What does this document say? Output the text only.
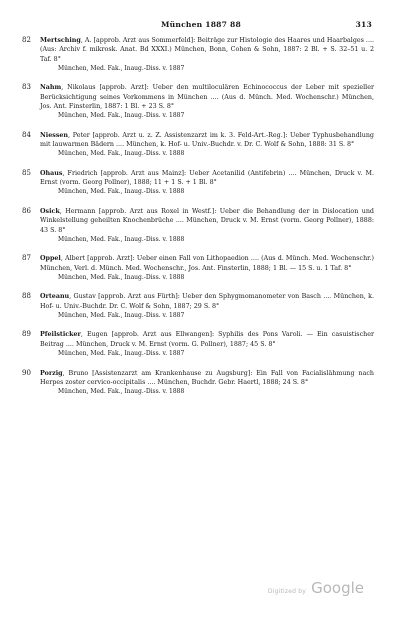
München 1887 88	313
82	Mertsching, A. [approb. Arzt aus Sommerfeld]: Beiträge zur Histologie des Haares und Haarbalges .... (Aus: Archiv f. mikrosk. Anat. Bd XXXI.) München, Bonn, Cohen & Sohn, 1887: 2 Bl. + S. 32–51 u. 2 Taf. 8°
München, Med. Fak., Inaug.-Diss. v. 1887
83	Nahm, Nikolaus [approb. Arzt]: Ueber den multiloculären Echinococcus der Leber mit spezieller Berücksichtigung seines Vorkommens in München .... (Aus d. Münch. Med. Wochenschr.) München, Jos. Ant. Finsterlin, 1887: 1 Bl. + 23 S. 8°
München, Med. Fak., Inaug.-Diss. v. 1887
84	Niessen, Peter [approb. Arzt u. z. Z. Assistenzarzt im k. 3. Feld-Art.-Reg.]: Ueber Typhusbehandlung mit lauwarmen Bädern .... München, k. Hof- u. Univ.-Buchdr. v. Dr. C. Wolf & Sohn, 1888: 31 S. 8°
München, Med. Fak., Inaug.-Diss. v. 1888
85	Ohaus, Friedrich [approb. Arzt aus Mainz]: Ueber Acetanilid (Antifebrin) .... München, Druck v. M. Ernst (vorm. Georg Pollner), 1888; 11 + 1 S. + 1 Bl. 8°
München, Med. Fak., Inaug.-Diss. v. 1888
86	Osick, Hermann [approb. Arzt aus Roxel in Westf.]: Ueber die Behandlung der in Dislocation und Winkelstellung geheilten Knochenbrüche .... München, Druck v. M. Ernst (vorm. Georg Pollner), 1888: 43 S. 8°
München, Med. Fak., Inaug.-Diss. v. 1888
87	Oppel, Albert [approb. Arzt]: Ueber einen Fall von Lithopaedion .... (Aus d. Münch. Med. Wochenschr.) München, Verl. d. Münch. Med. Wochenschr., Jos. Ant. Finsterlin, 1888; 1 Bl. — 15 S. u. 1 Taf. 8°
München, Med. Fak., Inaug.-Diss. v. 1888
88	Orteanu, Gustav [approb. Arzt aus Fürth]: Ueber den Sphygmomanometer von Basch .... München, k. Hof- u. Univ.-Buchdr. Dr. C. Wolf & Sohn, 1887; 29 S. 8°
München, Med. Fak., Inaug.-Diss. v. 1887
89	Pfeilsticker, Eugen [approb. Arzt aus Ellwangen]: Syphilis des Pons Varoli. — Ein casuistischer Beitrag .... München, Druck v. M. Ernst (vorm. G. Pollner), 1887; 45 S. 8°
München, Med. Fak., Inaug.-Diss. v. 1887
90	Porzig, Bruno [Assistenzarzt am Krankenhause zu Augsburg]: Ein Fall von Facialislähmung nach Herpes zoster cervico-occipitalis .... München, Buchdr. Gebr. Haertl, 1888; 24 S. 8°
München, Med. Fak., Inaug.-Diss. v. 1888
Digitized by Google
